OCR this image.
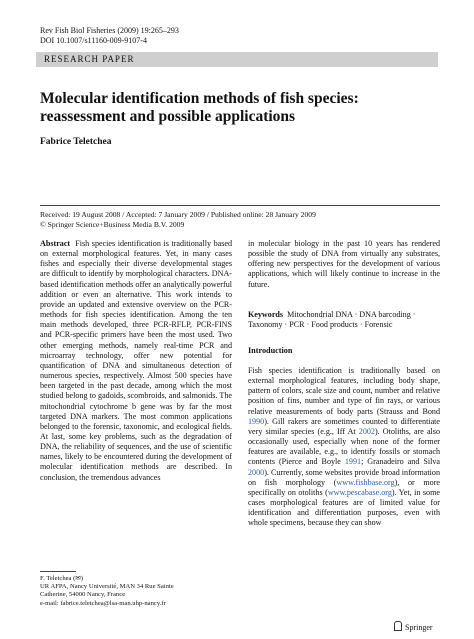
Rev Fish Biol Fisheries (2009) 19:265–293
DOI 10.1007/s11160-009-9107-4
RESEARCH PAPER
Molecular identification methods of fish species: reassessment and possible applications
Fabrice Teletchea
Received: 19 August 2008 / Accepted: 7 January 2009 / Published online: 28 January 2009
© Springer Science+Business Media B.V. 2009

Abstract Fish species identification is traditionally based on external morphological features. Yet, in many cases fishes and especially their diverse developmental stages are difficult to identify by morphological characters. DNA-based identification methods offer an analytically powerful addition or even an alternative. This work intends to provide an updated and extensive overview on the PCR-methods for fish species identification. Among the ten main methods developed, three PCR-RFLP, PCR-FINS and PCR-specific primers have been the most used. Two other emerging methods, namely real-time PCR and microarray technology, offer new potential for quantification of DNA and simultaneous detection of numerous species, respectively. Almost 500 species have been targeted in the past decade, among which the most studied belong to gadoids, scombroids, and salmonids. The mitochondrial cytochrome b gene was by far the most targeted DNA markers. The most common applications belonged to the forensic, taxonomic, and ecological fields. At last, some key problems, such as the degradation of DNA, the reliability of sequences, and the use of scientific names, likely to be encountered during the development of molecular identification methods are described. In conclusion, the tremendous advances

in molecular biology in the past 10 years has rendered possible the study of DNA from virtually any substrates, offering new perspectives for the development of various applications, which will likely continue to increase in the future.

Keywords Mitochondrial DNA · DNA barcoding · Taxonomy · PCR · Food products · Forensic
Introduction

Fish species identification is traditionally based on external morphological features, including body shape, pattern of colors, scale size and count, number and relative position of fins, number and type of fin rays, or various relative measurements of body parts (Strauss and Bond 1990). Gill rakers are sometimes counted to differentiate very similar species (e.g., Iff At 2002). Otoliths, are also occasionally used, especially when none of the former features are available, e.g., to identify fossils or stomach contents (Pierce and Boyle 1991; Granadeiro and Silva 2000). Currently, some websites provide broad information on fish morphology (www.fishbase.org), or more specifically on otoliths (www.pescabase.org). Yet, in some cases morphological features are of limited value for identification and differentiation purposes, even with whole specimens, because they can show

F. Teletchea (✉)
UR AFPA, Nancy Université, MAN 34 Rue Sainte
Catherine, 54000 Nancy, France
e-mail: fabrice.teletchea@lsa-man.uhp-nancy.fr
Springer
